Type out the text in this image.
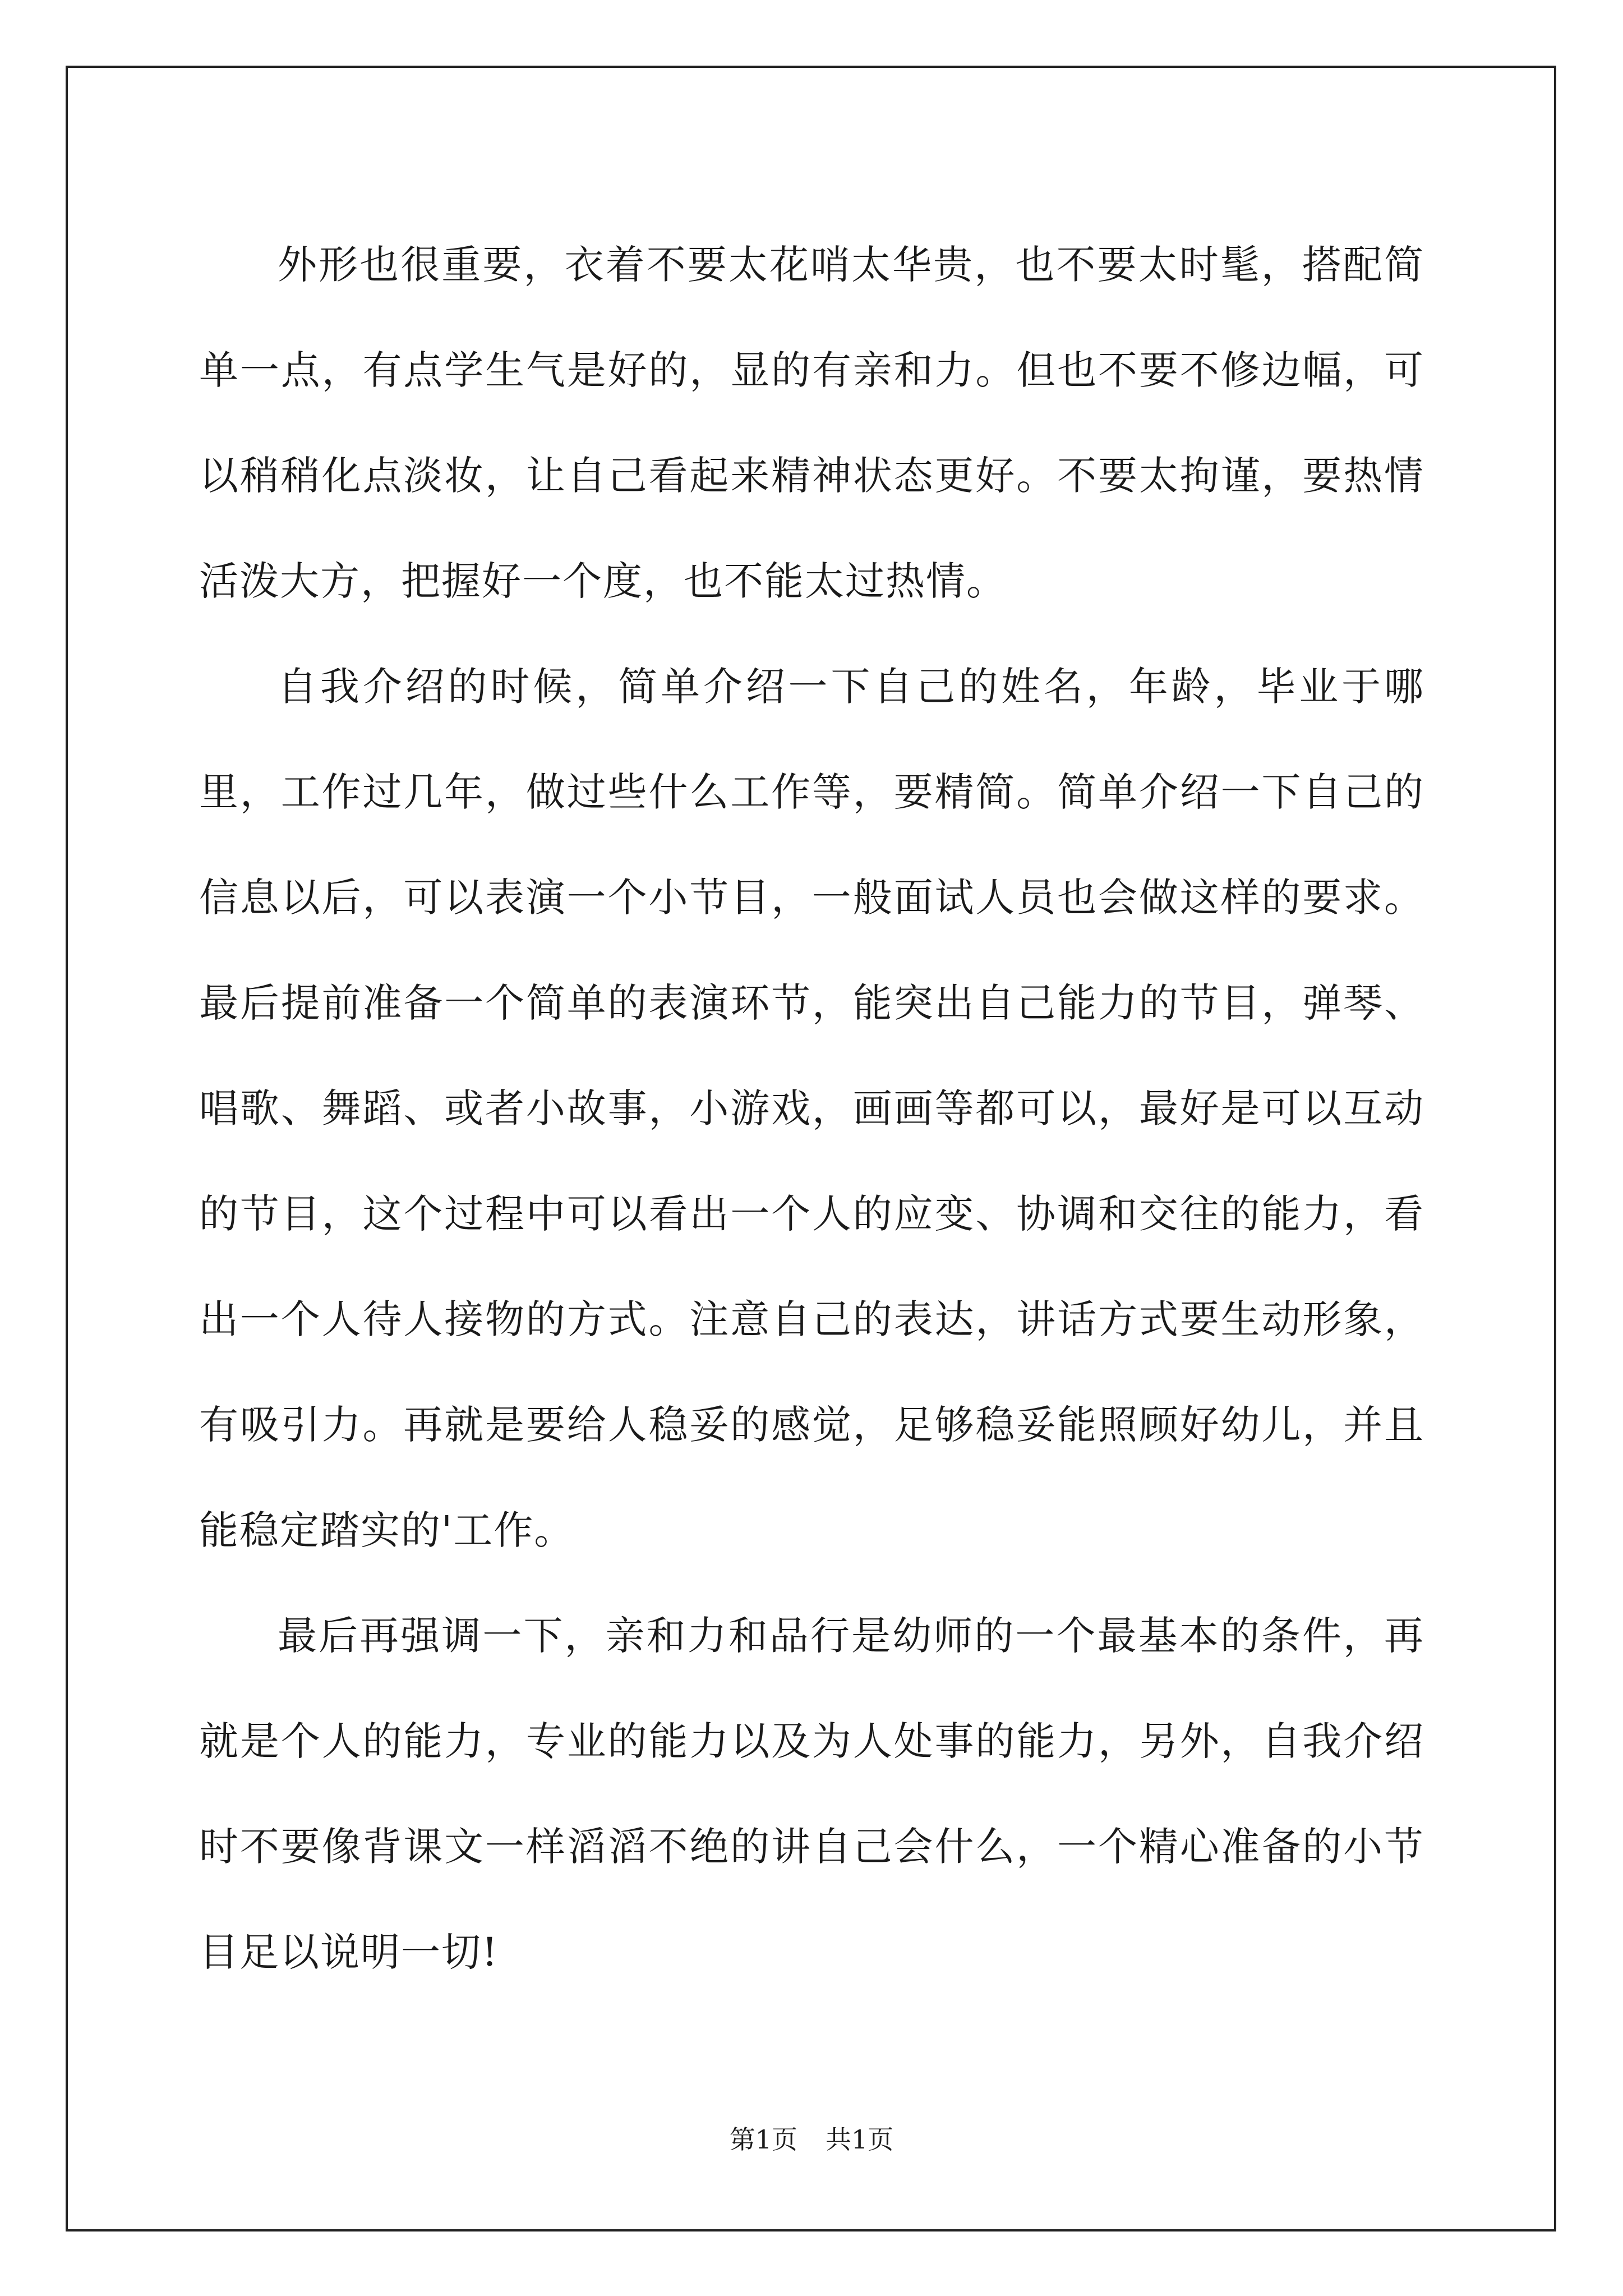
外形也很重要，衣着不要太花哨太华贵，也不要太时髦，搭配简单一点，有点学生气是好的，显的有亲和力。但也不要不修边幅，可以稍稍化点淡妆，让自己看起来精神状态更好。不要太拘谨，要热情活泼大方，把握好一个度，也不能太过热情。

自我介绍的时候，简单介绍一下自己的姓名，年龄，毕业于哪里，工作过几年，做过些什么工作等，要精简。简单介绍一下自己的信息以后，可以表演一个小节目，一般面试人员也会做这样的要求。最后提前准备一个简单的表演环节，能突出自己能力的节目，弹琴、唱歌、舞蹈、或者小故事，小游戏，画画等都可以，最好是可以互动的节目，这个过程中可以看出一个人的应变、协调和交往的能力，看出一个人待人接物的方式。注意自己的表达，讲话方式要生动形象，有吸引力。再就是要给人稳妥的感觉，足够稳妥能照顾好幼儿，并且能稳定踏实的'工作。

最后再强调一下，亲和力和品行是幼师的一个最基本的条件，再就是个人的能力，专业的能力以及为人处事的能力，另外，自我介绍时不要像背课文一样滔滔不绝的讲自己会什么，一个精心准备的小节目足以说明一切!

第1页 共1页
